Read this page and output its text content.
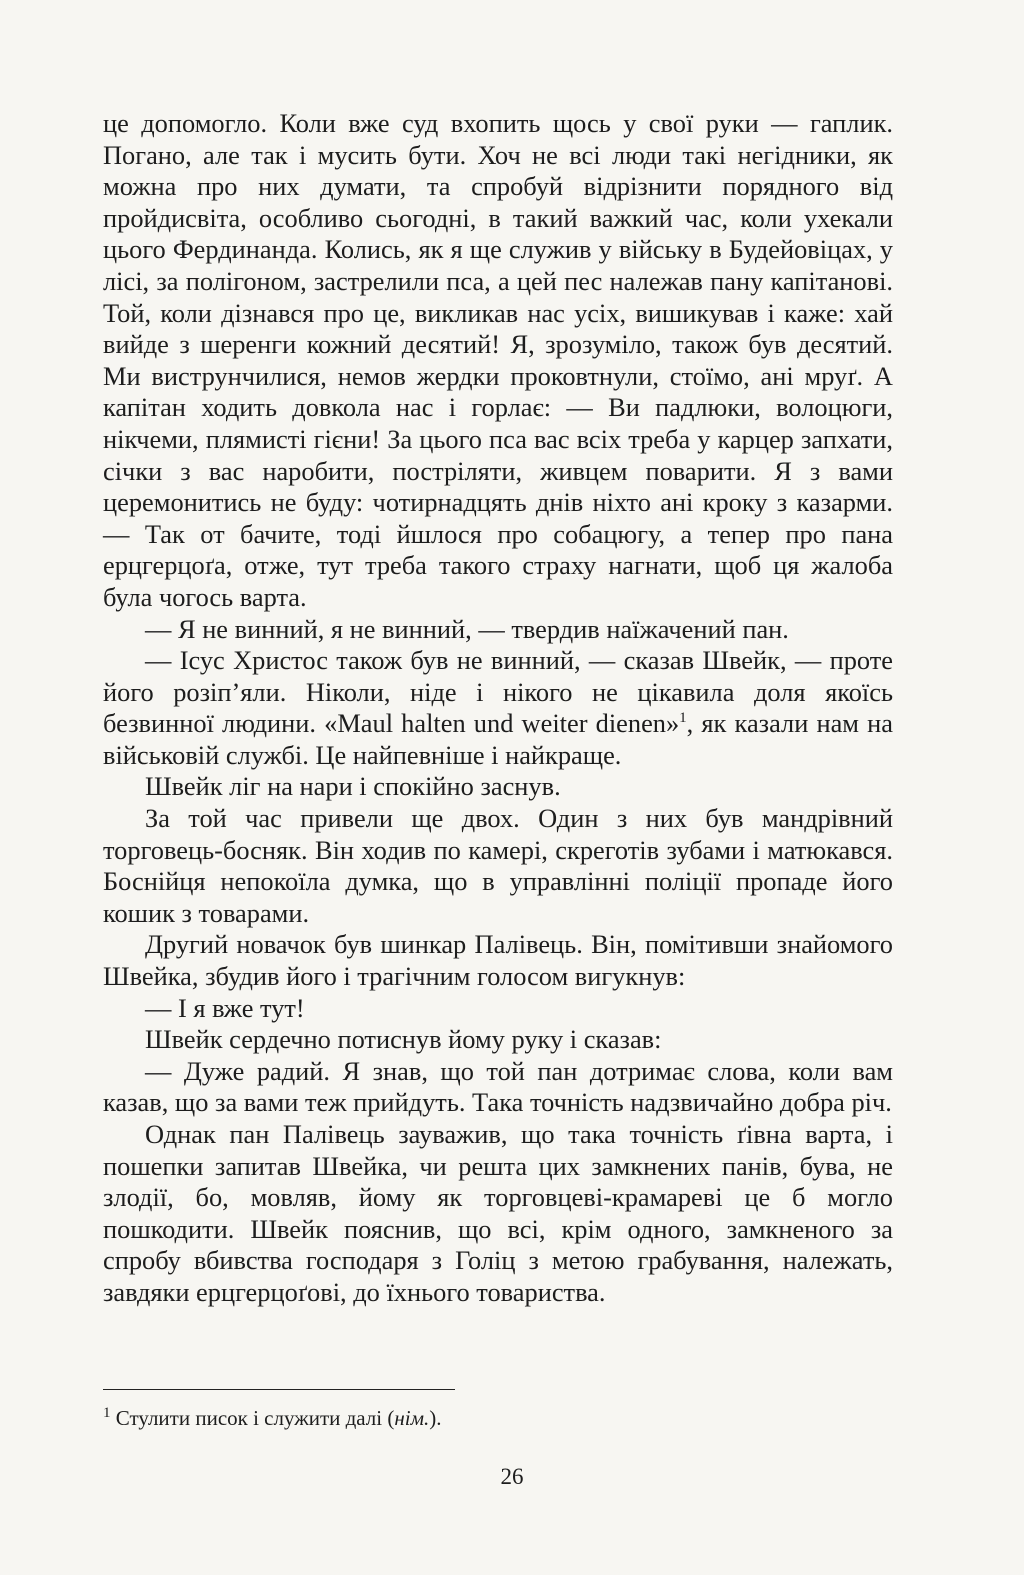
це допомогло. Коли вже суд вхопить щось у свої руки — гаплик. Погано, але так і мусить бути. Хоч не всі люди такі негідники, як можна про них думати, та спробуй відрізнити порядного від пройдисвіта, особливо сьогодні, в такий важкий час, коли ухекали цього Фердинанда. Колись, як я ще служив у війську в Будейовіцах, у лісі, за полігоном, застрелили пса, а цей пес належав пану капітанові. Той, коли дізнався про це, викликав нас усіх, вишикував і каже: хай вийде з шеренги кожний десятий! Я, зрозуміло, також був десятий. Ми виструнчилися, немов жердки проковтнули, стоїмо, ані мруґ. А капітан ходить довкола нас і горлає: — Ви падлюки, волоцюги, нікчеми, плямисті гієни! За цього пса вас всіх треба у карцер запхати, січки з вас наробити, постріляти, живцем поварити. Я з вами церемонитись не буду: чотирнадцять днів ніхто ані кроку з казарми. — Так от бачите, тоді йшлося про собацюгу, а тепер про пана ерцгерцоґа, отже, тут треба такого страху нагнати, щоб ця жалоба була чогось варта.

— Я не винний, я не винний, — твердив наїжачений пан.

— Ісус Христос також був не винний, — сказав Швейк, — проте його розіп’яли. Ніколи, ніде і нікого не цікавила доля якоїсь безвинної людини. «Maul halten und weiter dienen»$^1$, як казали нам на військовій службі. Це найпевніше і найкраще.

Швейк ліг на нари і спокійно заснув.

За той час привели ще двох. Один з них був мандрівний торговець-босняк. Він ходив по камері, скреготів зубами і матюкався. Боснійця непокоїла думка, що в управлінні поліції пропаде його кошик з товарами.

Другий новачок був шинкар Палівець. Він, помітивши знайомого Швейка, збудив його і трагічним голосом вигукнув:

— І я вже тут!

Швейк сердечно потиснув йому руку і сказав:

— Дуже радий. Я знав, що той пан дотримає слова, коли вам казав, що за вами теж прийдуть. Така точність надзвичайно добра річ.

Однак пан Палівець зауважив, що така точність ґівна варта, і пошепки запитав Швейка, чи решта цих замкнених панів, бува, не злодії, бо, мовляв, йому як торговцеві-крамареві це б могло пошкодити. Швейк пояснив, що всі, крім одного, замкненого за спробу вбивства господаря з Голіц з метою грабування, належать, завдяки ерцгерцоґові, до їхнього товариства.

$^1$ Стулити писок і служити далі (нім.).
26
